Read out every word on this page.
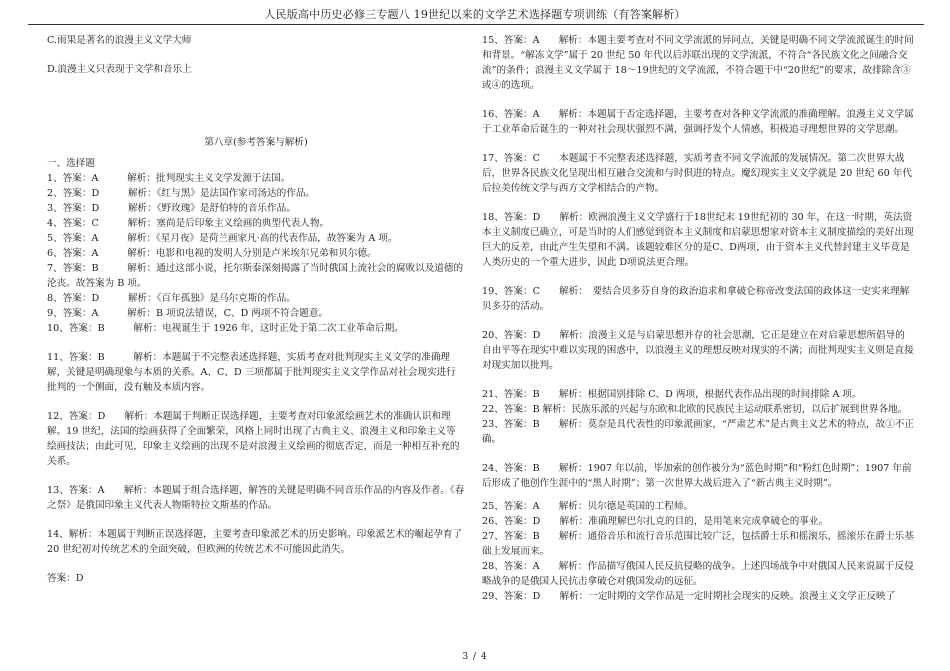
人民版高中历史必修三专题八 19世纪以来的文学艺术选择题专项训练（有答案解析）

C.雨果是著名的浪漫主义文学大师

D.浪漫主义只表现于文学和音乐上

第八章(参考答案与解析)

一、选择题

1、答案：A　　　解析：批判现实主义文学发源于法国。

2、答案：D　　　解析：《红与黑》是法国作家司汤达的作品。

3、答案：D　　　解析：《野玫瑰》是舒伯特的音乐作品。

4、答案：C　　　解析：塞尚是后印象主义绘画的典型代表人物。

5、答案：A　　　解析：《星月夜》是荷兰画家凡·高的代表作品，故答案为 A 项。

6、答案：A　　　解析：电影和电视的发明人分别是卢米埃尔兄弟和贝尔德。

7、答案：B　　　解析：通过这部小说，托尔斯泰深刻揭露了当时俄国上流社会的腐败以及道德的沦丧。故答案为 B 项。

8、答案：D　　　解析：《百年孤独》是马尔克斯的作品。

9、答案：A　　　解析：B 项说法错误，C、D 两项不符合题意。

10、答案：B　　　解析：电视诞生于 1926 年，这时正处于第二次工业革命后期。

11、答案：B　　　解析：本题属于不完整表述选择题，实质考查对批判现实主义文学的准确理解，关键是明确现象与本质的关系。A、C、D 三项都属于批判现实主义文学作品对社会现实进行批判的一个侧面，没有触及本质内容。

12、答案：D　　解析：本题属于判断正误选择题，主要考查对印象派绘画艺术的准确认识和理解。19 世纪，法国的绘画获得了全面繁荣，风格上同时出现了古典主义、浪漫主义和印象主义等绘画技法；由此可见，印象主义绘画的出现不是对浪漫主义绘画的彻底否定，而是一种相互补充的关系。

13、答案：A　　解析：本题属于组合选择题，解答的关键是明确不同音乐作品的内容及作者。《春之祭》是俄国印象主义代表人物斯特拉文斯基的作品。

14、解析：本题属于判断正误选择题，主要考查印象派艺术的历史影响。印象派艺术的崛起孕育了20 世纪初对传统艺术的全面突破，但欧洲的传统艺术不可能因此消失。

答案：D

15、答案：A　　解析：本题主要考查对不同文学流派的异同点，关键是明确不同文学流派诞生的时间和背景。“解冻文学”属于 20 世纪 50 年代以后苏联出现的文学流派，不符合“各民族文化之间融合交流”的条件；浪漫主义文学属于 18～19世纪的文学流派，不符合题干中“20世纪”的要求，故排除含③或④的选项。

16、答案：A　　解析：本题属于否定选择题，主要考查对各种文学流派的准确理解。浪漫主义文学属于工业革命后诞生的一种对社会现状强烈不满，强调抒发个人情感，积极追寻理想世界的文学思潮。

17、答案：C　　本题属于不完整表述选择题，实质考查不同文学流派的发展情况。第二次世界大战后，世界各民族文化呈现出相互融合交流和与时俱进的特点。魔幻现实主义文学就是 20 世纪 60 年代后拉美传统文学与西方文学相结合的产物。

18、答案：D　　解析：欧洲浪漫主义文学盛行于18世纪末 19世纪初的 30 年，在这一时期，英法资本主义制度已确立，可是当时的人们感觉到资本主义制度和启蒙思想家对资本主义制度描绘的美好出现巨大的反差，由此产生失望和不满。该题较难区分的是C、D两项，由于资本主义代替封建主义毕竟是人类历史的一个重大进步，因此 D项说法更合理。

19、答案：C　　解析：　要结合贝多芬自身的政治追求和拿破仑称帝改变法国的政体这一史实来理解贝多芬的活动。

20、答案：D　　解析：浪漫主义是与启蒙思想并存的社会思潮，它正是建立在对启蒙思想所倡导的自由平等在现实中难以实现的困惑中，以浪漫主义的理想反映对现实的不满；而批判现实主义则是直接对现实加以批判。

21、答案：B　　解析：根据国别排除 C、D 两项，根据代表作品出现的时间排除 A 项。

22、答案：B 解析：民族乐派的兴起与东欧和北欧的民族民主运动联系密切，以后扩展到世界各地。

23、答案：B　　解析：莫奈是具代表性的印象派画家，“严肃艺术”是古典主义艺术的特点，故①不正确。

24、答案：B　　解析：1907 年以前，毕加索的创作被分为“蓝色时期”和“粉红色时期”；1907 年前后形成了他创作生涯中的“黑人时期”；第一次世界大战后进入了“新古典主义时期”。

25、答案：A　　解析：贝尔德是英国的工程师。

26、答案：D　　解析：准确理解巴尔扎克的目的，是用笔来完成拿破仑的事业。

27、答案：B　　解析：通俗音乐和流行音乐范围比较广泛，包括爵士乐和摇滚乐，摇滚乐在爵士乐基础上发展而来。

28、答案：A　　解析：作品描写俄国人民反抗侵略的战争。上述四场战争中对俄国人民来说属于反侵略战争的是俄国人民抗击拿破仑对俄国发动的远征。

29、答案：D　　解析：一定时期的文学作品是一定时期社会现实的反映。浪漫主义文学正反映了

3 / 4
